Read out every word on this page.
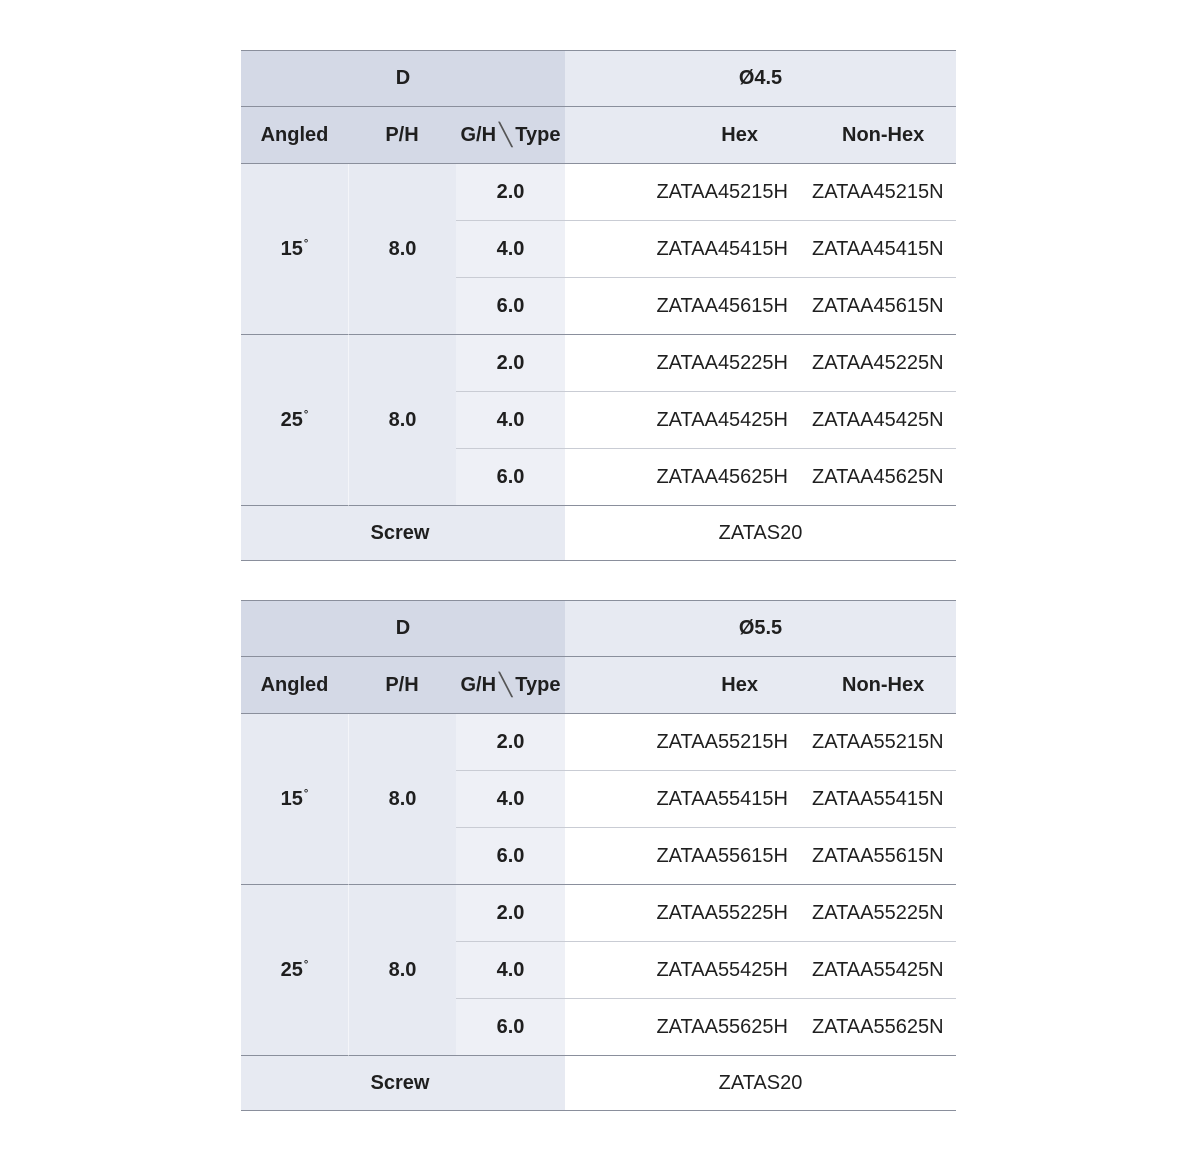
D	Ø4.5
Angled	P/H	G/H ╲ Type	Hex	Non-Hex
15 °	8.0
2.0	ZATAA45215H	ZATAA45215N
4.0	ZATAA45415H	ZATAA45415N
6.0	ZATAA45615H	ZATAA45615N
25 °	8.0
2.0	ZATAA45225H	ZATAA45225N
4.0	ZATAA45425H	ZATAA45425N
6.0	ZATAA45625H	ZATAA45625N
Screw	ZATAS20
D	Ø5.5
Angled	P/H	G/H ╲ Type	Hex	Non-Hex
15 °	8.0
2.0	ZATAA55215H	ZATAA55215N
4.0	ZATAA55415H	ZATAA55415N
6.0	ZATAA55615H	ZATAA55615N
25 °	8.0
2.0	ZATAA55225H	ZATAA55225N
4.0	ZATAA55425H	ZATAA55425N
6.0	ZATAA55625H	ZATAA55625N
Screw	ZATAS20
